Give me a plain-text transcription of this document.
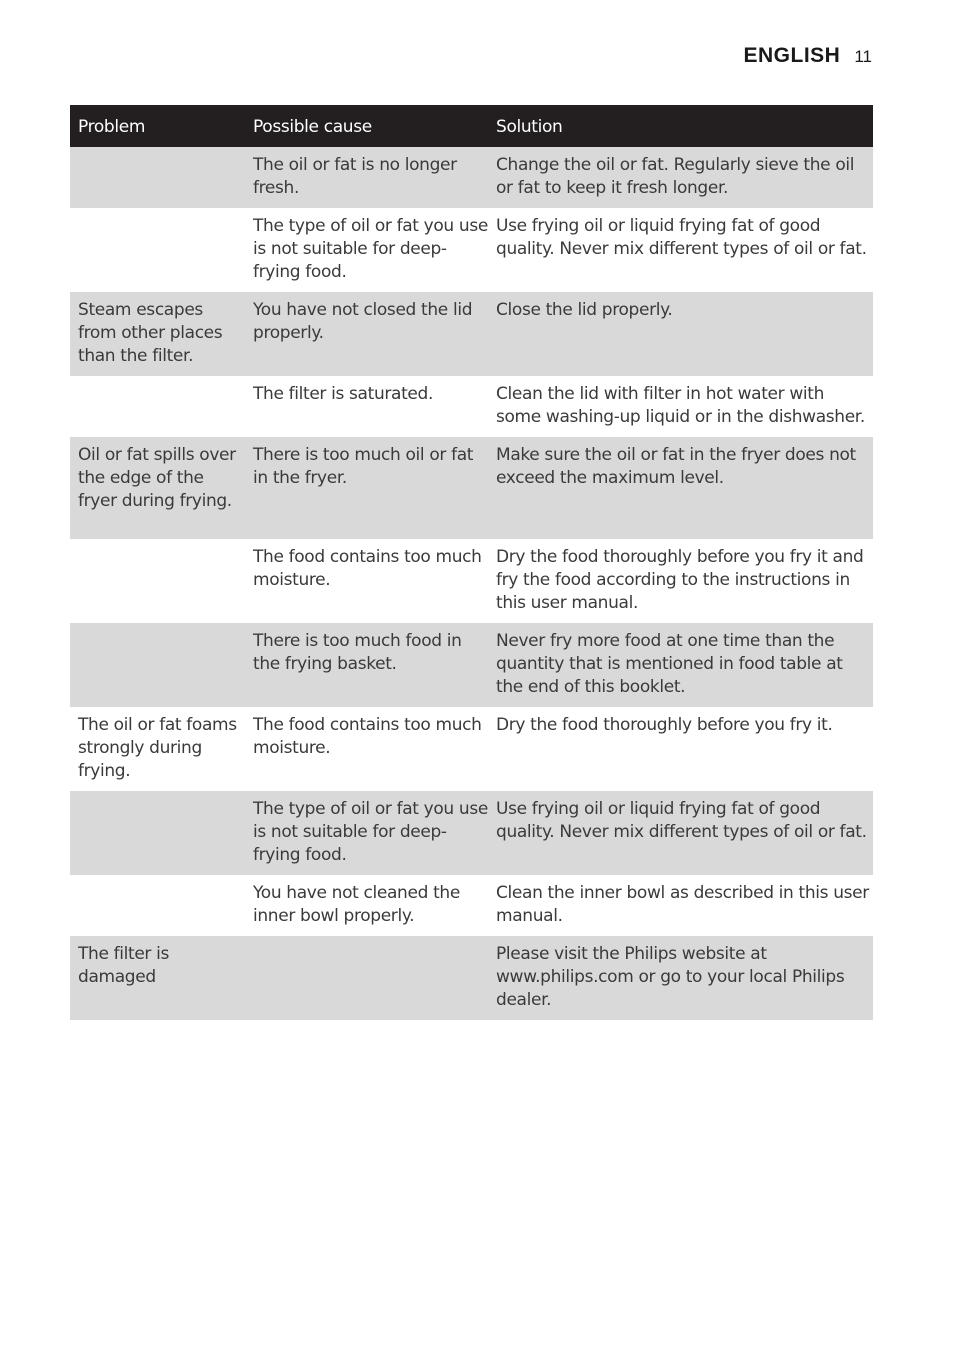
ENGLISH 11
Problem	Possible cause	Solution
	The oil or fat is no longer fresh.	Change the oil or fat. Regularly sieve the oil or fat to keep it fresh longer.
	The type of oil or fat you use is not suitable for deep-frying food.	Use frying oil or liquid frying fat of good quality. Never mix different types of oil or fat.
Steam escapes from other places than the filter.	You have not closed the lid properly.	Close the lid properly.
	The filter is saturated.	Clean the lid with filter in hot water with some washing-up liquid or in the dishwasher.
Oil or fat spills over the edge of the fryer during frying.	There is too much oil or fat in the fryer.	Make sure the oil or fat in the fryer does not exceed the maximum level.
	The food contains too much moisture.	Dry the food thoroughly before you fry it and fry the food according to the instructions in this user manual.
	There is too much food in the frying basket.	Never fry more food at one time than the quantity that is mentioned in food table at the end of this booklet.
The oil or fat foams strongly during frying.	The food contains too much moisture.	Dry the food thoroughly before you fry it.
	The type of oil or fat you use is not suitable for deep-frying food.	Use frying oil or liquid frying fat of good quality. Never mix different types of oil or fat.
	You have not cleaned the inner bowl properly.	Clean the inner bowl as described in this user manual.
The filter is damaged		Please visit the Philips website at www.philips.com or go to your local Philips dealer.
